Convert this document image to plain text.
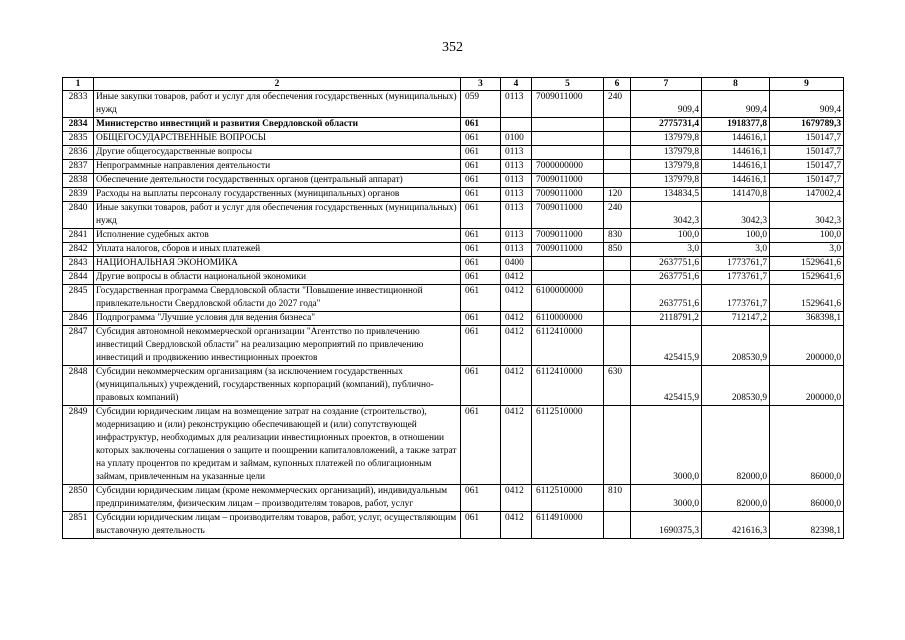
352
1	2	3	4	5	6	7	8	9
2833	Иные закупки товаров, работ и услуг для обеспечения государственных (муниципальных) нужд	059	0113	7009011000	240	909,4	909,4	909,4
2834	Министерство инвестиций и развития Свердловской области	061				2775731,4	1918377,8	1679789,3
2835	ОБЩЕГОСУДАРСТВЕННЫЕ ВОПРОСЫ	061	0100			137979,8	144616,1	150147,7
2836	Другие общегосударственные вопросы	061	0113			137979,8	144616,1	150147,7
2837	Непрограммные направления деятельности	061	0113	7000000000		137979,8	144616,1	150147,7
2838	Обеспечение деятельности государственных органов (центральный аппарат)	061	0113	7009011000		137979,8	144616,1	150147,7
2839	Расходы на выплаты персоналу государственных (муниципальных) органов	061	0113	7009011000	120	134834,5	141470,8	147002,4
2840	Иные закупки товаров, работ и услуг для обеспечения государственных (муниципальных) нужд	061	0113	7009011000	240	3042,3	3042,3	3042,3
2841	Исполнение судебных актов	061	0113	7009011000	830	100,0	100,0	100,0
2842	Уплата налогов, сборов и иных платежей	061	0113	7009011000	850	3,0	3,0	3,0
2843	НАЦИОНАЛЬНАЯ ЭКОНОМИКА	061	0400			2637751,6	1773761,7	1529641,6
2844	Другие вопросы в области национальной экономики	061	0412			2637751,6	1773761,7	1529641,6
2845	Государственная программа Свердловской области "Повышение инвестиционной привлекательности Свердловской области до 2027 года"	061	0412	6100000000		2637751,6	1773761,7	1529641,6
2846	Подпрограмма "Лучшие условия для ведения бизнеса"	061	0412	6110000000		2118791,2	712147,2	368398,1
2847	Субсидия автономной некоммерческой организации "Агентство по привлечению инвестиций Свердловской области" на реализацию мероприятий по привлечению инвестиций и продвижению инвестиционных проектов	061	0412	6112410000		425415,9	208530,9	200000,0
2848	Субсидии некоммерческим организациям (за исключением государственных (муниципальных) учреждений, государственных корпораций (компаний), публично-правовых компаний)	061	0412	6112410000	630	425415,9	208530,9	200000,0
2849	Субсидии юридическим лицам на возмещение затрат на создание (строительство), модернизацию и (или) реконструкцию обеспечивающей и (или) сопутствующей инфраструктур, необходимых для реализации инвестиционных проектов, в отношении которых заключены соглашения о защите и поощрении капиталовложений, а также затрат на уплату процентов по кредитам и займам, купонных платежей по облигационным займам, привлеченным на указанные цели	061	0412	6112510000		3000,0	82000,0	86000,0
2850	Субсидии юридическим лицам (кроме некоммерческих организаций), индивидуальным предпринимателям, физическим лицам – производителям товаров, работ, услуг	061	0412	6112510000	810	3000,0	82000,0	86000,0
2851	Субсидии юридическим лицам – производителям товаров, работ, услуг, осуществляющим выставочную деятельность	061	0412	6114910000		1690375,3	421616,3	82398,1
